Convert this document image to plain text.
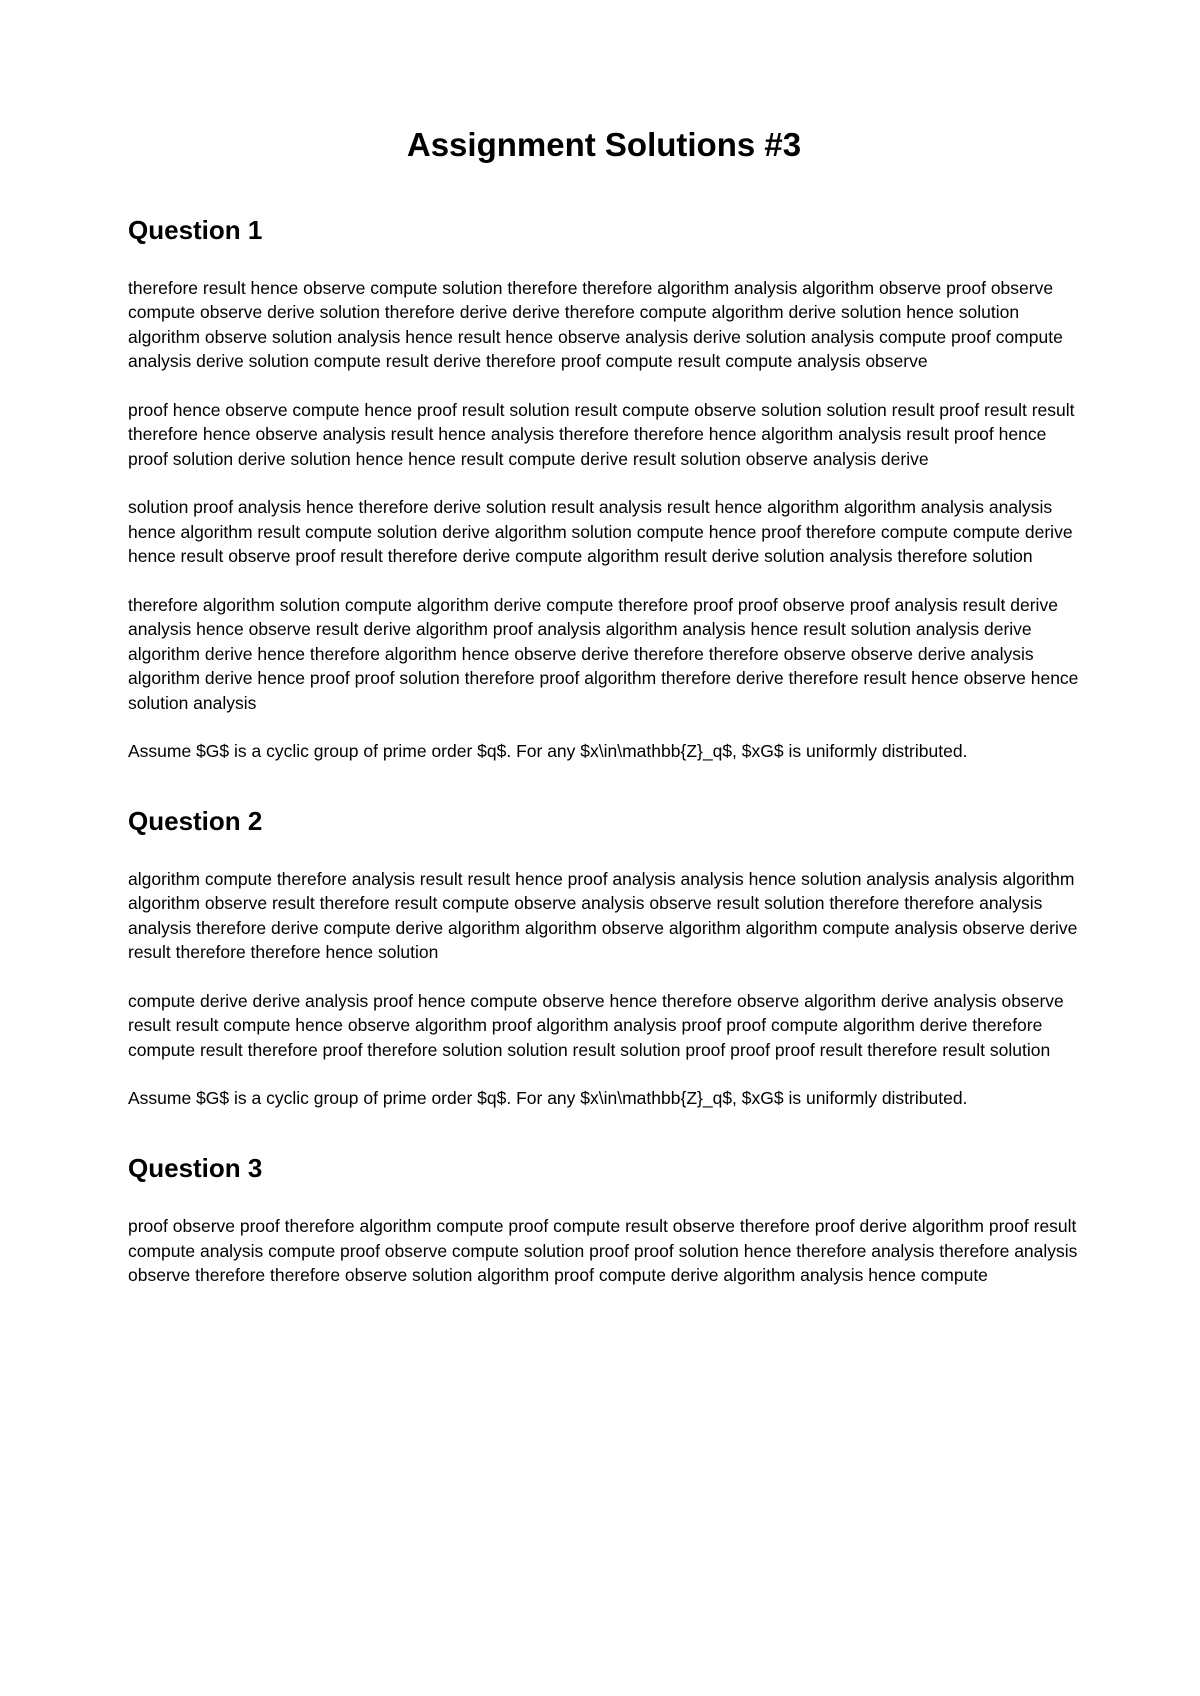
Assignment Solutions #3
Question 1

therefore result hence observe compute solution therefore therefore algorithm analysis algorithm observe proof observe compute observe derive solution therefore derive derive therefore compute algorithm derive solution hence solution algorithm observe solution analysis hence result hence observe analysis derive solution analysis compute proof compute analysis derive solution compute result derive therefore proof compute result compute analysis observe

proof hence observe compute hence proof result solution result compute observe solution solution result proof result result therefore hence observe analysis result hence analysis therefore therefore hence algorithm analysis result proof hence proof solution derive solution hence hence result compute derive result solution observe analysis derive

solution proof analysis hence therefore derive solution result analysis result hence algorithm algorithm analysis analysis hence algorithm result compute solution derive algorithm solution compute hence proof therefore compute compute derive hence result observe proof result therefore derive compute algorithm result derive solution analysis therefore solution

therefore algorithm solution compute algorithm derive compute therefore proof proof observe proof analysis result derive analysis hence observe result derive algorithm proof analysis algorithm analysis hence result solution analysis derive algorithm derive hence therefore algorithm hence observe derive therefore therefore observe observe derive analysis algorithm derive hence proof proof solution therefore proof algorithm therefore derive therefore result hence observe hence solution analysis

Assume $G$ is a cyclic group of prime order $q$. For any $x\in\mathbb{Z}_q$, $xG$ is uniformly distributed.

Question 2

algorithm compute therefore analysis result result hence proof analysis analysis hence solution analysis analysis algorithm algorithm observe result therefore result compute observe analysis observe result solution therefore therefore analysis analysis therefore derive compute derive algorithm algorithm observe algorithm algorithm compute analysis observe derive result therefore therefore hence solution

compute derive derive analysis proof hence compute observe hence therefore observe algorithm derive analysis observe result result compute hence observe algorithm proof algorithm analysis proof proof compute algorithm derive therefore compute result therefore proof therefore solution solution result solution proof proof proof result therefore result solution

Assume $G$ is a cyclic group of prime order $q$. For any $x\in\mathbb{Z}_q$, $xG$ is uniformly distributed.

Question 3

proof observe proof therefore algorithm compute proof compute result observe therefore proof derive algorithm proof result compute analysis compute proof observe compute solution proof proof solution hence therefore analysis therefore analysis observe therefore therefore observe solution algorithm proof compute derive algorithm analysis hence compute
